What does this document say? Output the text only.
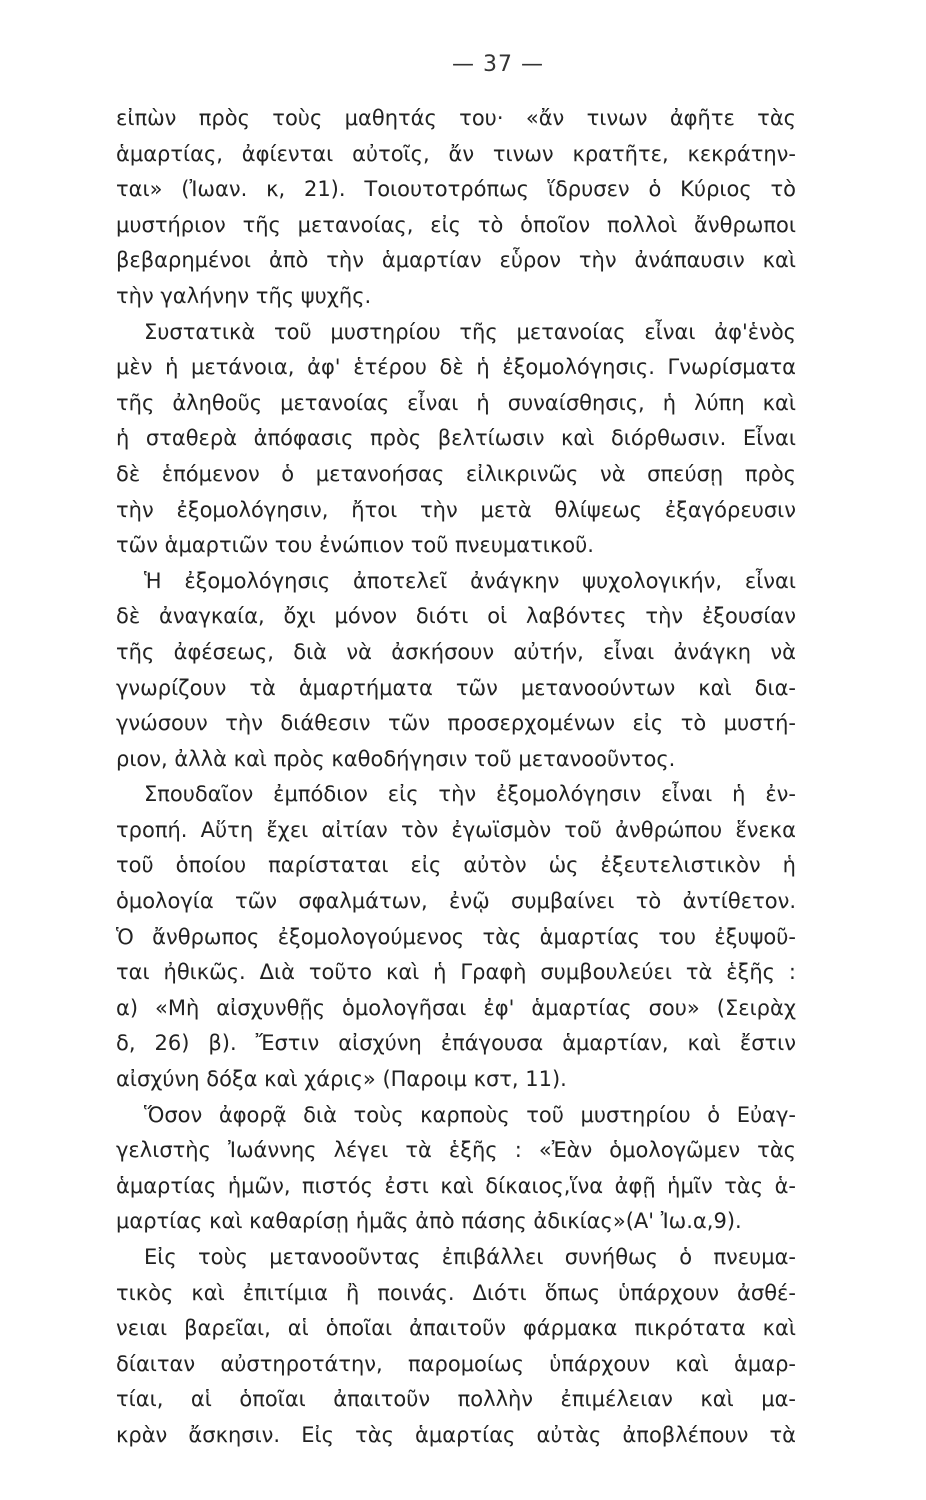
— 37 —
εἰπὼν πρὸς τοὺς μαθητάς του· «ἄν τινων ἀφῆτε τὰς
ἁμαρτίας, ἀφίενται αὐτοῖς, ἄν τινων κρατῆτε, κεκράτην-
ται» (Ἰωαν. κ, 21). Τοιουτοτρόπως ἵδρυσεν ὁ Κύριος τὸ
μυστήριον τῆς μετανοίας, εἰς τὸ ὁποῖον πολλοὶ ἄνθρωποι
βεβαρημένοι ἀπὸ τὴν ἁμαρτίαν εὗρον τὴν ἀνάπαυσιν καὶ
τὴν γαλήνην τῆς ψυχῆς.
Συστατικὰ τοῦ μυστηρίου τῆς μετανοίας εἶναι ἀφ'ἑνὸς
μὲν ἡ μετάνοια, ἀφ' ἑτέρου δὲ ἡ ἐξομολόγησις. Γνωρίσματα
τῆς ἀληθοῦς μετανοίας εἶναι ἡ συναίσθησις, ἡ λύπη καὶ
ἡ σταθερὰ ἀπόφασις πρὸς βελτίωσιν καὶ διόρθωσιν. Εἶναι
δὲ ἑπόμενον ὁ μετανοήσας εἰλικρινῶς νὰ σπεύσῃ πρὸς
τὴν ἐξομολόγησιν, ἤτοι τὴν μετὰ θλίψεως ἐξαγόρευσιν
τῶν ἁμαρτιῶν του ἐνώπιον τοῦ πνευματικοῦ.
Ἡ ἐξομολόγησις ἀποτελεῖ ἀνάγκην ψυχολογικήν, εἶναι
δὲ ἀναγκαία, ὄχι μόνον διότι οἱ λαβόντες τὴν ἐξουσίαν
τῆς ἀφέσεως, διὰ νὰ ἀσκήσουν αὐτήν, εἶναι ἀνάγκη νὰ
γνωρίζουν τὰ ἁμαρτήματα τῶν μετανοούντων καὶ δια-
γνώσουν τὴν διάθεσιν τῶν προσερχομένων εἰς τὸ μυστή-
ριον, ἀλλὰ καὶ πρὸς καθοδήγησιν τοῦ μετανοοῦντος.
Σπουδαῖον ἐμπόδιον εἰς τὴν ἐξομολόγησιν εἶναι ἡ ἐν-
τροπή. Αὕτη ἔχει αἰτίαν τὸν ἐγωϊσμὸν τοῦ ἀνθρώπου ἕνεκα
τοῦ ὁποίου παρίσταται εἰς αὐτὸν ὡς ἐξευτελιστικὸν ἡ
ὁμολογία τῶν σφαλμάτων, ἐνῷ συμβαίνει τὸ ἀντίθετον.
Ὁ ἄνθρωπος ἐξομολογούμενος τὰς ἁμαρτίας του ἐξυψοῦ-
ται ἠθικῶς. Διὰ τοῦτο καὶ ἡ Γραφὴ συμβουλεύει τὰ ἑξῆς :
α) «Μὴ αἰσχυνθῇς ὁμολογῆσαι ἐφ' ἁμαρτίας σου» (Σειρὰχ
δ, 26) β). Ἔστιν αἰσχύνη ἐπάγουσα ἁμαρτίαν, καὶ ἔστιν
αἰσχύνη δόξα καὶ χάρις» (Παροιμ κστ, 11).
Ὅσον ἀφορᾷ διὰ τοὺς καρποὺς τοῦ μυστηρίου ὁ Εὐαγ-
γελιστὴς Ἰωάννης λέγει τὰ ἑξῆς : «Ἐὰν ὁμολογῶμεν τὰς
ἁμαρτίας ἡμῶν, πιστός ἐστι καὶ δίκαιος,ἵνα ἀφῇ ἡμῖν τὰς ἁ-
μαρτίας καὶ καθαρίσῃ ἡμᾶς ἀπὸ πάσης ἀδικίας»(Α' Ἰω.α,9).
Εἰς τοὺς μετανοοῦντας ἐπιβάλλει συνήθως ὁ πνευμα-
τικὸς καὶ ἐπιτίμια ἢ ποινάς. Διότι ὅπως ὑπάρχουν ἀσθέ-
νειαι βαρεῖαι, αἱ ὁποῖαι ἀπαιτοῦν φάρμακα πικρότατα καὶ
δίαιταν αὐστηροτάτην, παρομοίως ὑπάρχουν καὶ ἁμαρ-
τίαι, αἱ ὁποῖαι ἀπαιτοῦν πολλὴν ἐπιμέλειαν καὶ μα-
κρὰν ἄσκησιν. Εἰς τὰς ἁμαρτίας αὐτὰς ἀποβλέπουν τὰ
